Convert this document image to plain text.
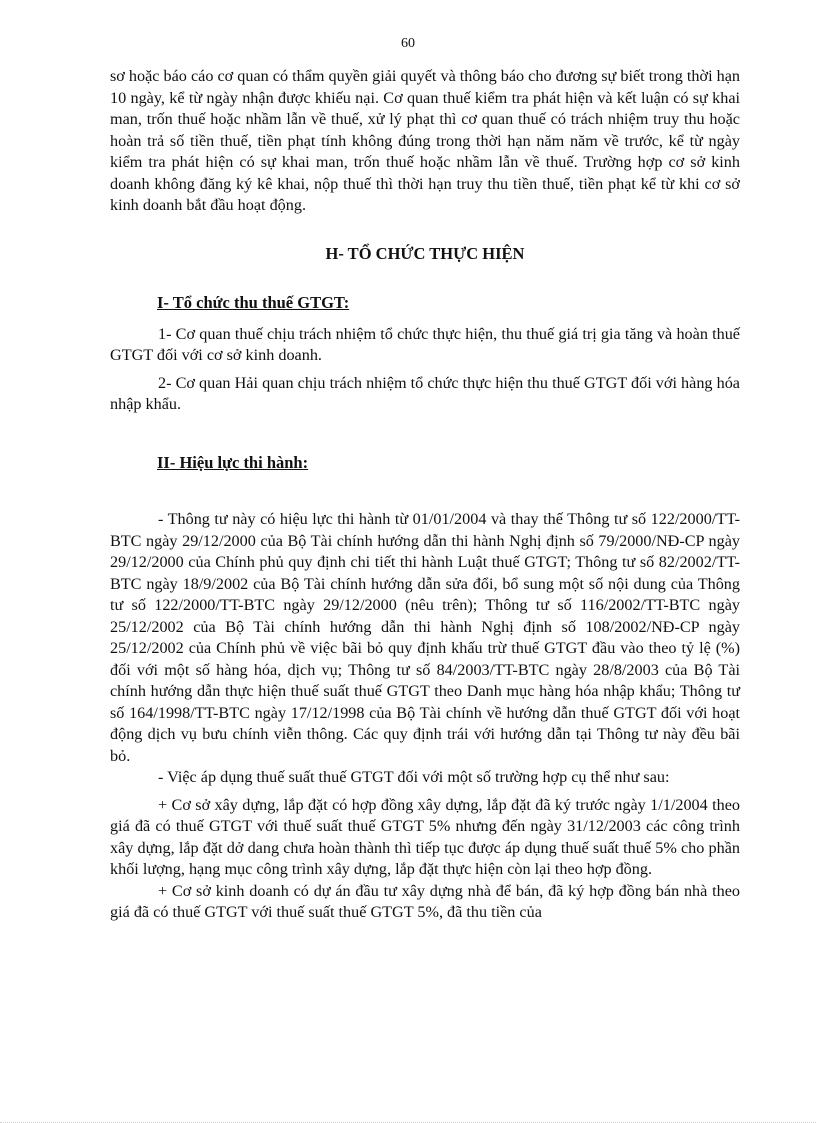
60

sơ hoặc báo cáo cơ quan có thẩm quyền giải quyết và thông báo cho đương sự biết trong thời hạn 10 ngày, kể từ ngày nhận được khiếu nại. Cơ quan thuế kiểm tra phát hiện và kết luận có sự khai man, trốn thuế hoặc nhầm lẫn về thuế, xử lý phạt thì cơ quan thuế có trách nhiệm truy thu hoặc hoàn trả số tiền thuế, tiền phạt tính không đúng trong thời hạn năm năm về trước, kể từ ngày kiểm tra phát hiện có sự khai man, trốn thuế hoặc nhầm lẫn về thuế. Trường hợp cơ sở kinh doanh không đăng ký kê khai, nộp thuế thì thời hạn truy thu tiền thuế, tiền phạt kể từ khi cơ sở kinh doanh bắt đầu hoạt động.

H- TỔ CHỨC THỰC HIỆN
I- Tổ chức thu thuế GTGT:

1- Cơ quan thuế chịu trách nhiệm tổ chức thực hiện, thu thuế giá trị gia tăng và hoàn thuế GTGT đối với cơ sở kinh doanh.

2- Cơ quan Hải quan chịu trách nhiệm tổ chức thực hiện thu thuế GTGT đối với hàng hóa nhập khẩu.

II- Hiệu lực thi hành:

- Thông tư này có hiệu lực thi hành từ 01/01/2004 và thay thế Thông tư số 122/2000/TT-BTC ngày 29/12/2000 của Bộ Tài chính hướng dẫn thi hành Nghị định số 79/2000/NĐ-CP ngày 29/12/2000 của Chính phủ quy định chi tiết thi hành Luật thuế GTGT; Thông tư số 82/2002/TT-BTC ngày 18/9/2002 của Bộ Tài chính hướng dẫn sửa đổi, bổ sung một số nội dung của Thông tư số 122/2000/TT-BTC ngày 29/12/2000 (nêu trên); Thông tư số 116/2002/TT-BTC ngày 25/12/2002 của Bộ Tài chính hướng dẫn thi hành Nghị định số 108/2002/NĐ-CP ngày 25/12/2002 của Chính phủ về việc bãi bỏ quy định khấu trừ thuế GTGT đầu vào theo tỷ lệ (%) đối với một số hàng hóa, dịch vụ; Thông tư số 84/2003/TT-BTC ngày 28/8/2003 của Bộ Tài chính hướng dẫn thực hiện thuế suất thuế GTGT theo Danh mục hàng hóa nhập khẩu; Thông tư số 164/1998/TT-BTC ngày 17/12/1998 của Bộ Tài chính về hướng dẫn thuế GTGT đối với hoạt động dịch vụ bưu chính viễn thông. Các quy định trái với hướng dẫn tại Thông tư này đều bãi bỏ.

- Việc áp dụng thuế suất thuế GTGT đối với một số trường hợp cụ thể như sau:

+ Cơ sở xây dựng, lắp đặt có hợp đồng xây dựng, lắp đặt đã ký trước ngày 1/1/2004 theo giá đã có thuế GTGT với thuế suất thuế GTGT 5% nhưng đến ngày 31/12/2003 các công trình xây dựng, lắp đặt dở dang chưa hoàn thành thì tiếp tục được áp dụng thuế suất thuế 5% cho phần khối lượng, hạng mục công trình xây dựng, lắp đặt thực hiện còn lại theo hợp đồng.

+ Cơ sở kinh doanh có dự án đầu tư xây dựng nhà để bán, đã ký hợp đồng bán nhà theo giá đã có thuế GTGT với thuế suất thuế GTGT 5%, đã thu tiền của
